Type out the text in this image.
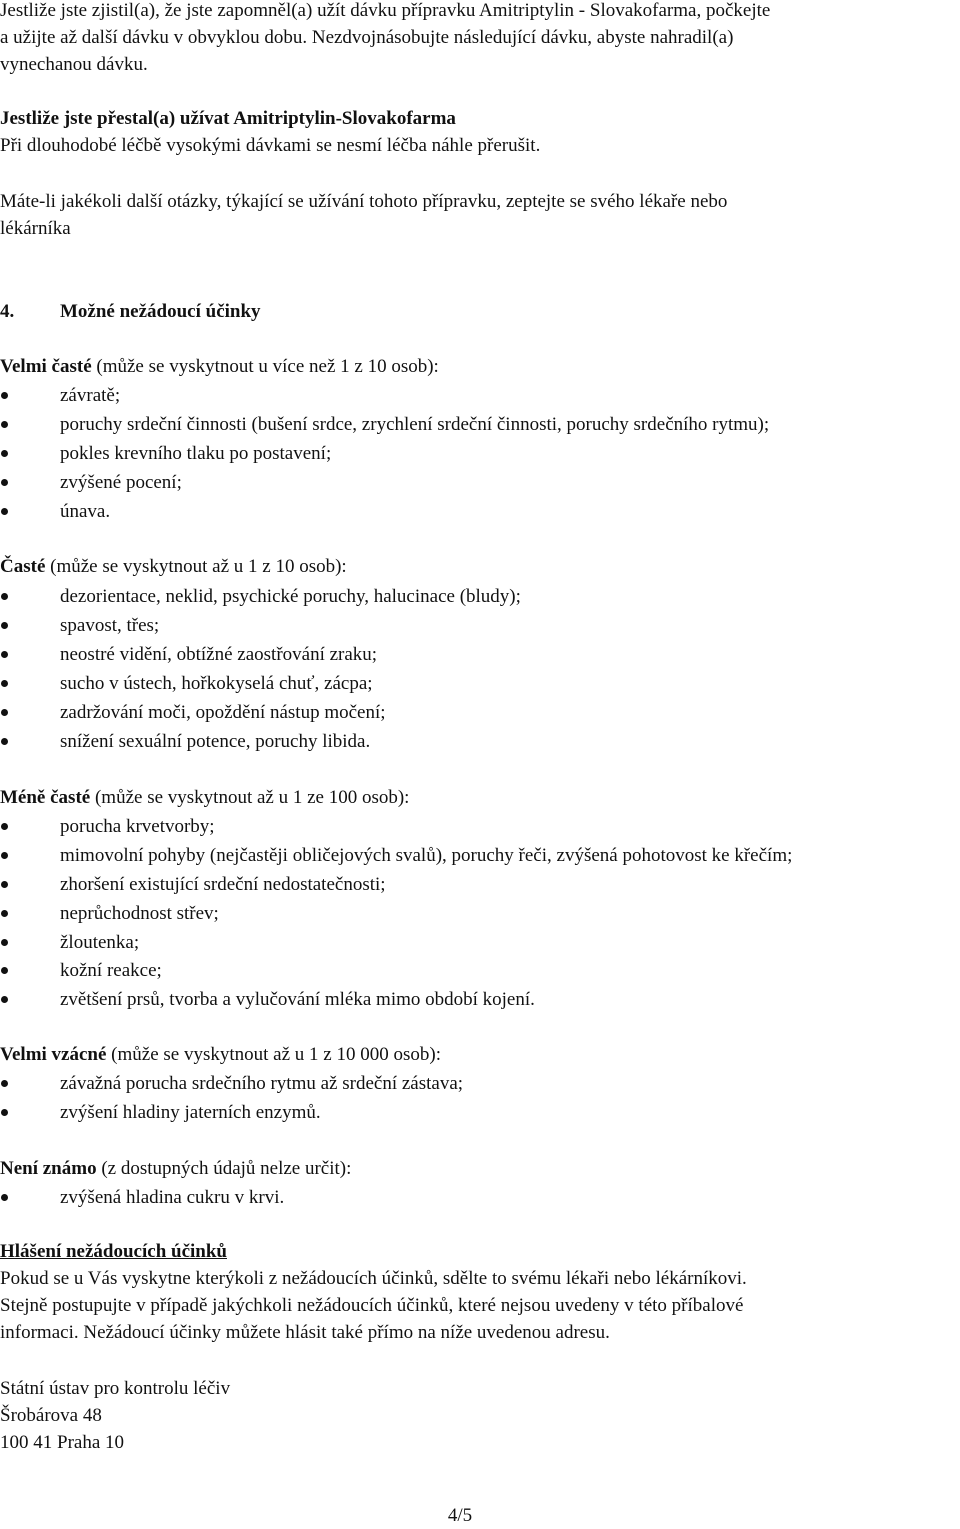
Jestliže jste zjistil(a), že jste zapomněl(a) užít dávku přípravku Amitriptylin - Slovakofarma, počkejte
a užijte až další dávku v obvyklou dobu. Nezdvojnásobujte následující dávku, abyste nahradil(a)
vynechanou dávku.
Jestliže jste přestal(a) užívat Amitriptylin-Slovakofarma
Při dlouhodobé léčbě vysokými dávkami se nesmí léčba náhle přerušit.
Máte-li jakékoli další otázky, týkající se užívání tohoto přípravku, zeptejte se svého lékaře nebo
lékárníka
4. Možné nežádoucí účinky
Velmi časté (může se vyskytnout u více než 1 z 10 osob):
závratě;
poruchy srdeční činnosti (bušení srdce, zrychlení srdeční činnosti, poruchy srdečního rytmu);
pokles krevního tlaku po postavení;
zvýšené pocení;
únava.
Časté (může se vyskytnout až u 1 z 10 osob):
dezorientace, neklid, psychické poruchy, halucinace (bludy);
spavost, třes;
neostré vidění, obtížné zaostřování zraku;
sucho v ústech, hořkokyselá chuť, zácpa;
zadržování moči, opoždění nástup močení;
snížení sexuální potence, poruchy libida.
Méně časté (může se vyskytnout až u 1 ze 100 osob):
porucha krvetvorby;
mimovolní pohyby (nejčastěji obličejových svalů), poruchy řeči, zvýšená pohotovost ke křečím;
zhoršení existující srdeční nedostatečnosti;
neprůchodnost střev;
žloutenka;
kožní reakce;
zvětšení prsů, tvorba a vylučování mléka mimo období kojení.
Velmi vzácné (může se vyskytnout až u 1 z 10 000 osob):
závažná porucha srdečního rytmu až srdeční zástava;
zvýšení hladiny jaterních enzymů.
Není známo (z dostupných údajů nelze určit):
zvýšená hladina cukru v krvi.
Hlášení nežádoucích účinků
Pokud se u Vás vyskytne kterýkoli z nežádoucích účinků, sdělte to svému lékaři nebo lékárníkovi.
Stejně postupujte v případě jakýchkoli nežádoucích účinků, které nejsou uvedeny v této příbalové
informaci. Nežádoucí účinky můžete hlásit také přímo na níže uvedenou adresu.
Státní ústav pro kontrolu léčiv
Šrobárova 48
100 41 Praha 10
4/5
